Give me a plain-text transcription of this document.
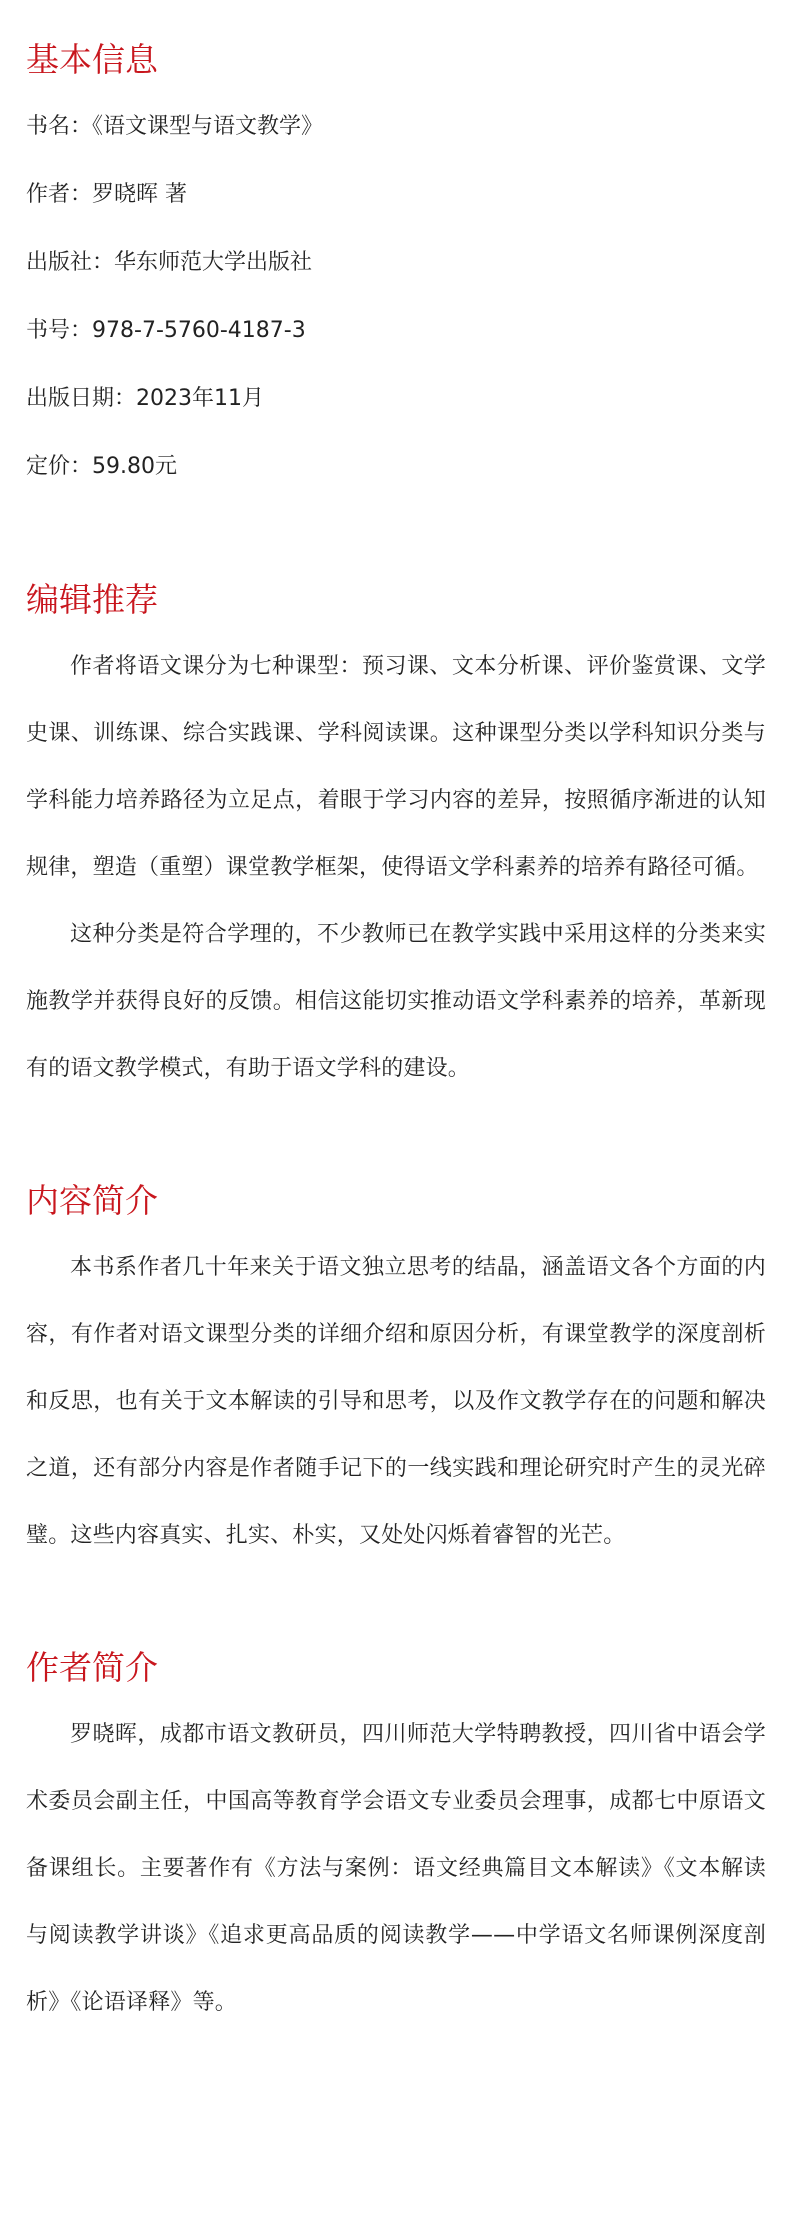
基本信息
书名：《语文课型与语文教学》
作者：罗晓晖 著
出版社：华东师范大学出版社
书号：978-7-5760-4187-3
出版日期：2023年11月
定价：59.80元
编辑推荐

作者将语文课分为七种课型：预习课、文本分析课、评价鉴赏课、文学史课、训练课、综合实践课、学科阅读课。这种课型分类以学科知识分类与学科能力培养路径为立足点，着眼于学习内容的差异，按照循序渐进的认知规律，塑造（重塑）课堂教学框架，使得语文学科素养的培养有路径可循。

这种分类是符合学理的，不少教师已在教学实践中采用这样的分类来实施教学并获得良好的反馈。相信这能切实推动语文学科素养的培养，革新现有的语文教学模式，有助于语文学科的建设。

内容简介

本书系作者几十年来关于语文独立思考的结晶，涵盖语文各个方面的内容，有作者对语文课型分类的详细介绍和原因分析，有课堂教学的深度剖析和反思，也有关于文本解读的引导和思考，以及作文教学存在的问题和解决之道，还有部分内容是作者随手记下的一线实践和理论研究时产生的灵光碎璧。这些内容真实、扎实、朴实，又处处闪烁着睿智的光芒。

作者简介

罗晓晖，成都市语文教研员，四川师范大学特聘教授，四川省中语会学术委员会副主任，中国高等教育学会语文专业委员会理事，成都七中原语文备课组长。主要著作有《方法与案例：语文经典篇目文本解读》《文本解读与阅读教学讲谈》《追求更高品质的阅读教学——中学语文名师课例深度剖析》《论语译释》等。
